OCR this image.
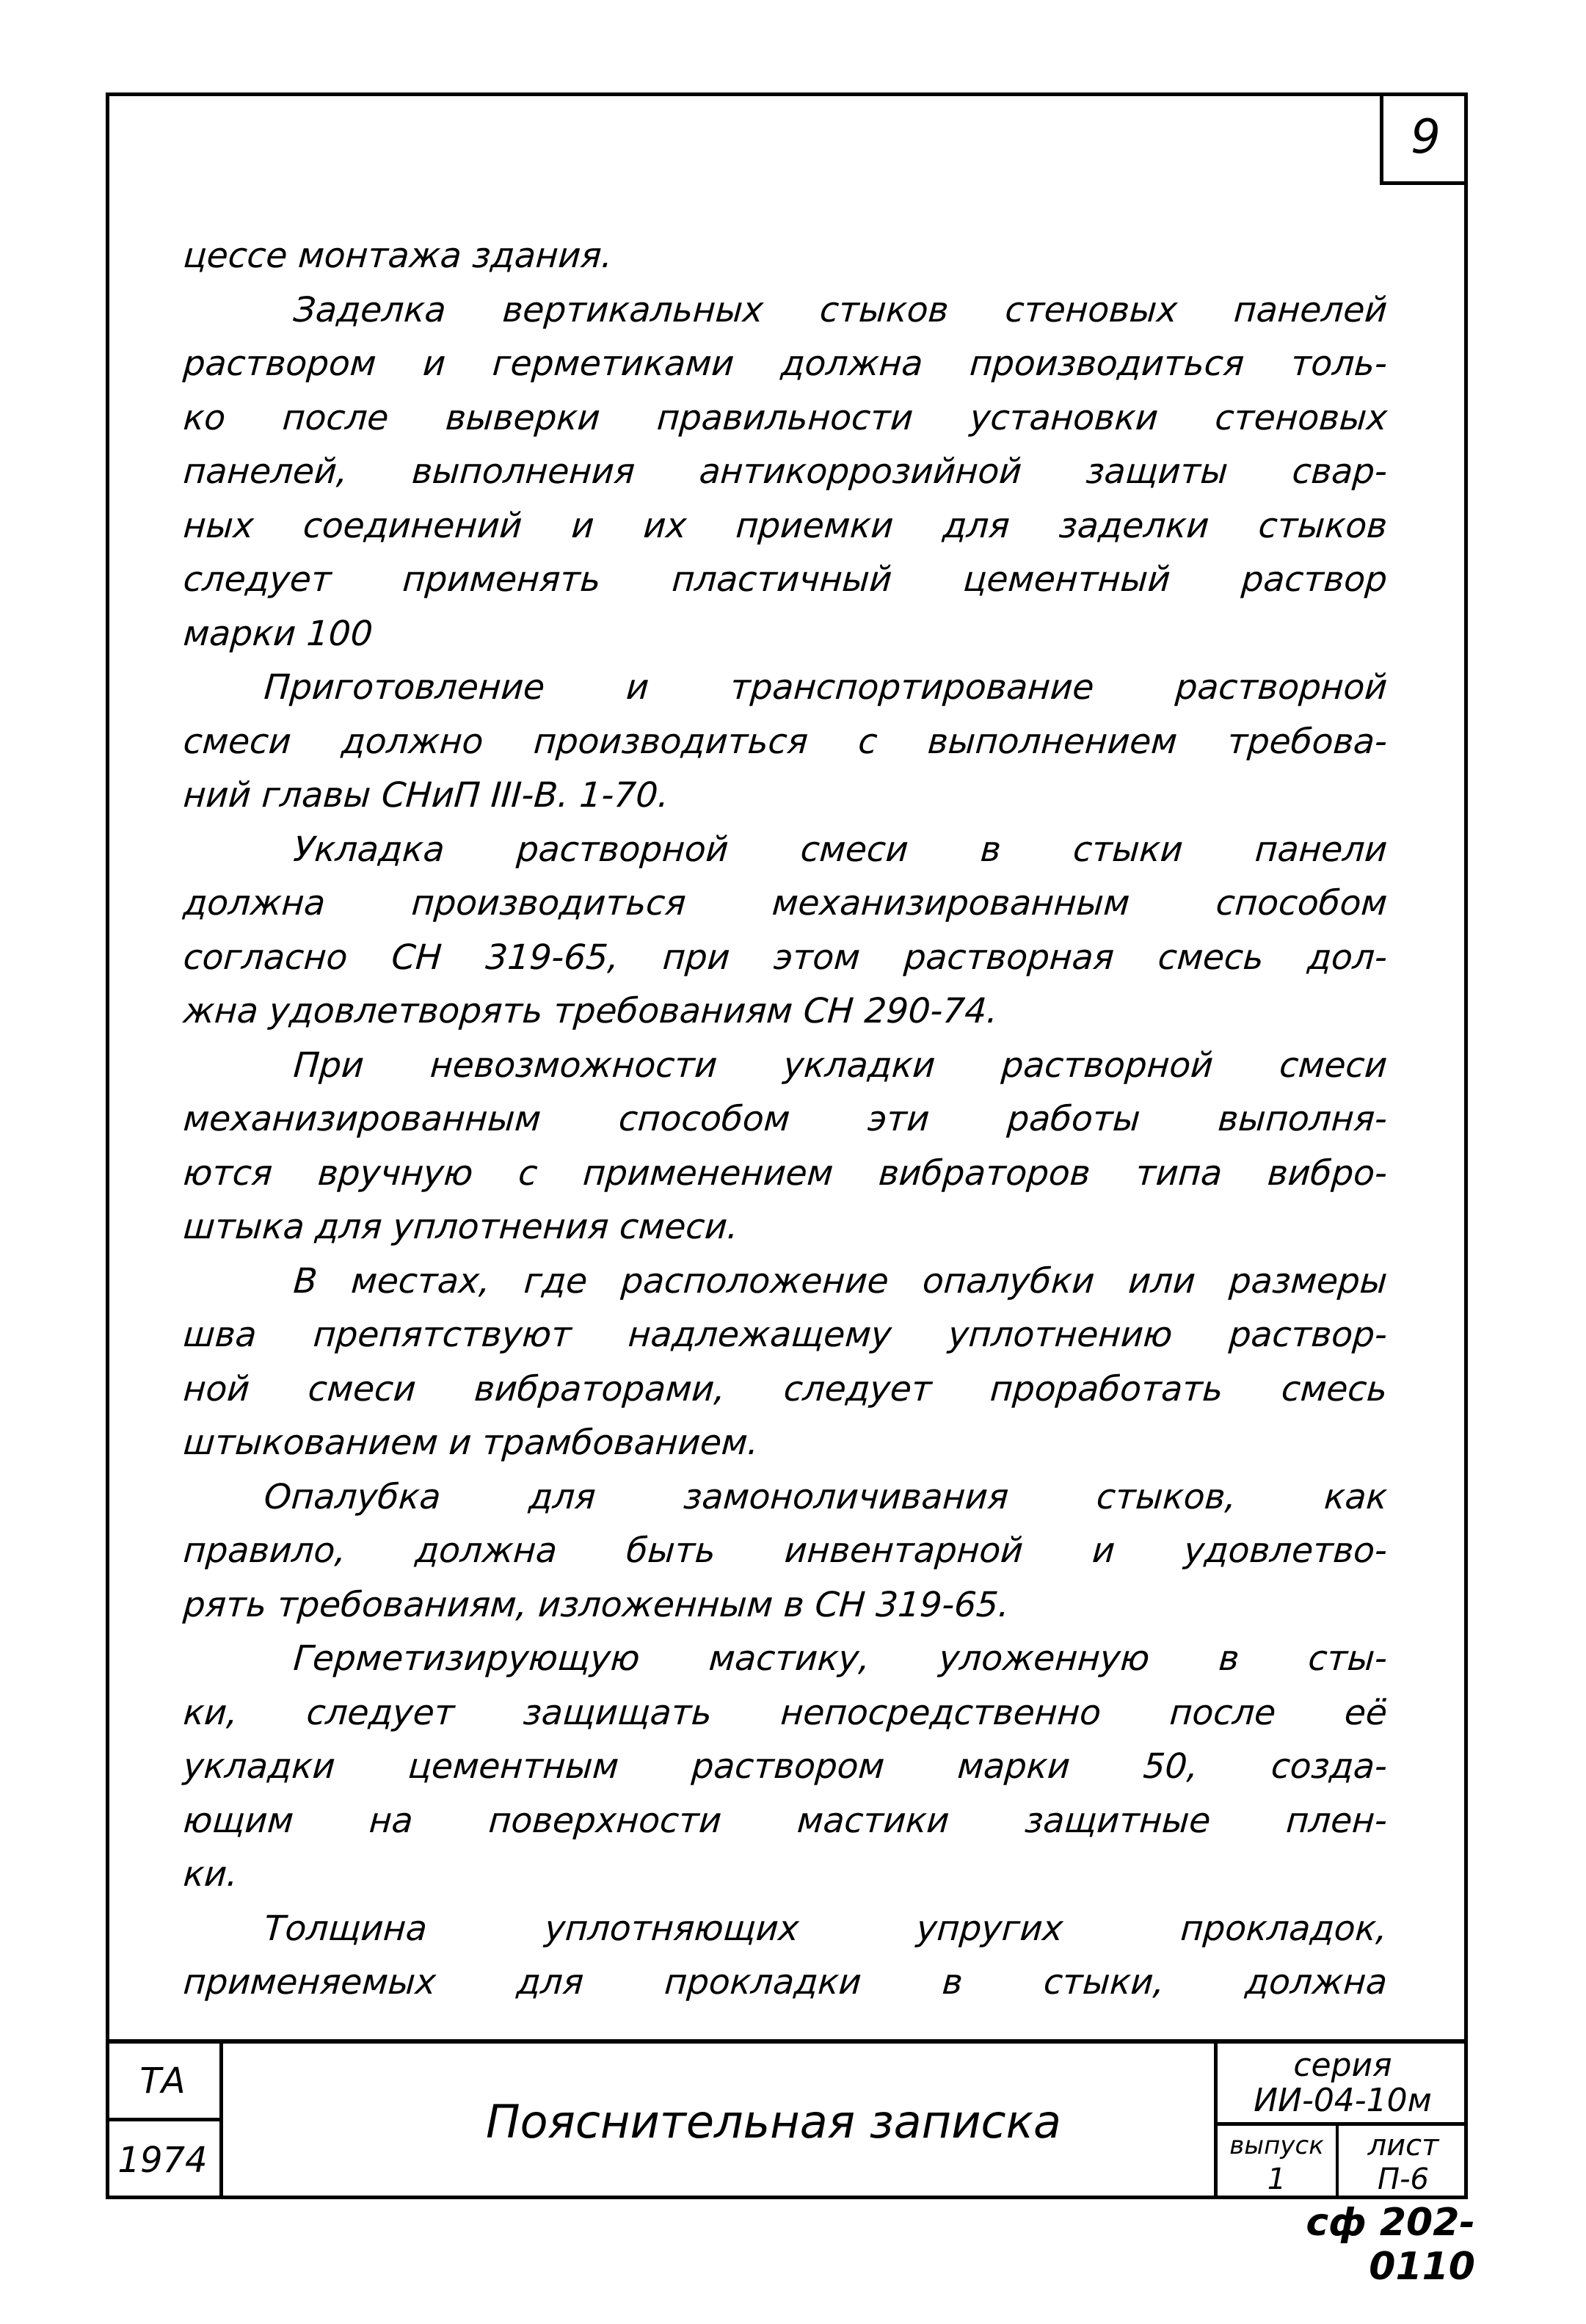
9
цессе монтажа здания.
Заделка вертикальных стыков стеновых панелей
раствором и герметиками должна производиться толь-
ко после выверки правильности установки стеновых
панелей, выполнения антикоррозийной защиты свар-
ных соединений и их приемки для заделки стыков
следует применять пластичный цементный раствор
марки 100
Приготовление и транспортирование растворной
смеси должно производиться с выполнением требова-
ний главы СНиП III-В. 1-70.
Укладка растворной смеси в стыки панели
должна производиться механизированным способом
согласно СН 319-65, при этом растворная смесь дол-
жна удовлетворять требованиям СН 290-74.
При невозможности укладки растворной смеси
механизированным способом эти работы выполня-
ются вручную с применением вибраторов типа вибро-
штыка для уплотнения смеси.
В местах, где расположение опалубки или размеры
шва препятствуют надлежащему уплотнению раствор-
ной смеси вибраторами, следует проработать смесь
штыкованием и трамбованием.
Опалубка для замоноличивания стыков, как
правило, должна быть инвентарной и удовлетво-
рять требованиям, изложенным в СН 319-65.
Герметизирующую мастику, уложенную в сты-
ки, следует защищать непосредственно после её
укладки цементным раствором марки 50, созда-
ющим на поверхности мастики защитные плен-
ки.
Толщина уплотняющих упругих прокладок,
применяемых для прокладки в стыки, должна
ТА
1974
Пояснительная записка
серия
ИИ-04-10м
выпуск
1
лист
П-6
сф 202-0110
